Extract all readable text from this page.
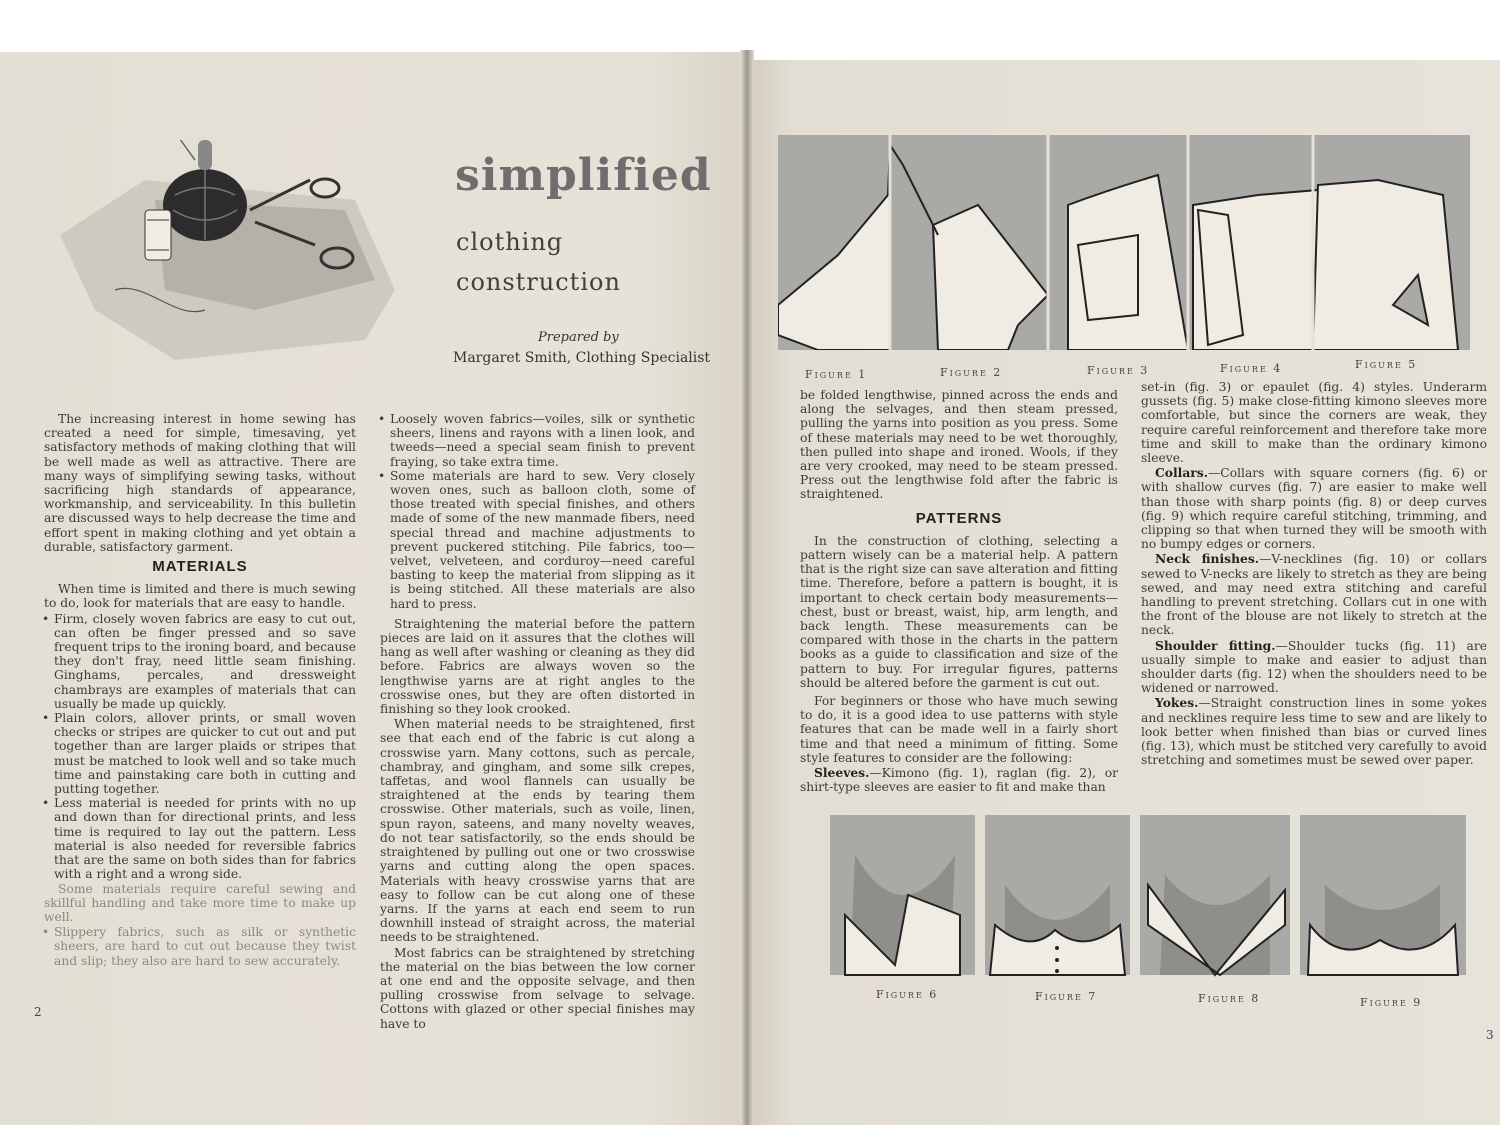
simplified
clothing
construction
Prepared by
Margaret Smith, Clothing Specialist

The increasing interest in home sewing has created a need for simple, timesaving, yet satisfactory methods of making clothing that will be well made as well as attractive. There are many ways of simplifying sewing tasks, without sacrificing high standards of appearance, workmanship, and serviceability. In this bulletin are discussed ways to help decrease the time and effort spent in making clothing and yet obtain a durable, satisfactory garment.

MATERIALS

When time is limited and there is much sewing to do, look for materials that are easy to handle.

• Firm, closely woven fabrics are easy to cut out, can often be finger pressed and so save frequent trips to the ironing board, and because they don't fray, need little seam finishing. Ginghams, percales, and dressweight chambrays are examples of materials that can usually be made up quickly.
• Plain colors, allover prints, or small woven checks or stripes are quicker to cut out and put together than are larger plaids or stripes that must be matched to look well and so take much time and painstaking care both in cutting and putting together.
• Less material is needed for prints with no up and down than for directional prints, and less time is required to lay out the pattern. Less material is also needed for reversible fabrics that are the same on both sides than for fabrics with a right and a wrong side.

Some materials require careful sewing and skillful handling and take more time to make up well.

• Slippery fabrics, such as silk or synthetic sheers, are hard to cut out because they twist and slip; they also are hard to sew accurately.
• Loosely woven fabrics—voiles, silk or synthetic sheers, linens and rayons with a linen look, and tweeds—need a special seam finish to prevent fraying, so take extra time.
• Some materials are hard to sew. Very closely woven ones, such as balloon cloth, some of those treated with special finishes, and others made of some of the new manmade fibers, need special thread and machine adjustments to prevent puckered stitching. Pile fabrics, too—velvet, velveteen, and corduroy—need careful basting to keep the material from slipping as it is being stitched. All these materials are also hard to press.

Straightening the material before the pattern pieces are laid on it assures that the clothes will hang as well after washing or cleaning as they did before. Fabrics are always woven so the lengthwise yarns are at right angles to the crosswise ones, but they are often distorted in finishing so they look crooked.

When material needs to be straightened, first see that each end of the fabric is cut along a crosswise yarn. Many cottons, such as percale, chambray, and gingham, and some silk crepes, taffetas, and wool flannels can usually be straightened at the ends by tearing them crosswise. Other materials, such as voile, linen, spun rayon, sateens, and many novelty weaves, do not tear satisfactorily, so the ends should be straightened by pulling out one or two crosswise yarns and cutting along the open spaces. Materials with heavy crosswise yarns that are easy to follow can be cut along one of these yarns. If the yarns at each end seem to run downhill instead of straight across, the material needs to be straightened.

Most fabrics can be straightened by stretching the material on the bias between the low corner at one end and the opposite selvage, and then pulling crosswise from selvage to selvage. Cottons with glazed or other special finishes may have to

2
Figure 1	Figure 2	Figure 3	Figure 4	Figure 5

be folded lengthwise, pinned across the ends and along the selvages, and then steam pressed, pulling the yarns into position as you press. Some of these materials may need to be wet thoroughly, then pulled into shape and ironed. Wools, if they are very crooked, may need to be steam pressed. Press out the lengthwise fold after the fabric is straightened.

PATTERNS

In the construction of clothing, selecting a pattern wisely can be a material help. A pattern that is the right size can save alteration and fitting time. Therefore, before a pattern is bought, it is important to check certain body measurements—chest, bust or breast, waist, hip, arm length, and back length. These measurements can be compared with those in the charts in the pattern books as a guide to classification and size of the pattern to buy. For irregular figures, patterns should be altered before the garment is cut out.

For beginners or those who have much sewing to do, it is a good idea to use patterns with style features that can be made well in a fairly short time and that need a minimum of fitting. Some style features to consider are the following:

Sleeves.—Kimono (fig. 1), raglan (fig. 2), or shirt-type sleeves are easier to fit and make than

set-in (fig. 3) or epaulet (fig. 4) styles. Underarm gussets (fig. 5) make close-fitting kimono sleeves more comfortable, but since the corners are weak, they require careful reinforcement and therefore take more time and skill to make than the ordinary kimono sleeve.

Collars.—Collars with square corners (fig. 6) or with shallow curves (fig. 7) are easier to make well than those with sharp points (fig. 8) or deep curves (fig. 9) which require careful stitching, trimming, and clipping so that when turned they will be smooth with no bumpy edges or corners.

Neck finishes.—V-necklines (fig. 10) or collars sewed to V-necks are likely to stretch as they are being sewed, and may need extra stitching and careful handling to prevent stretching. Collars cut in one with the front of the blouse are not likely to stretch at the neck.

Shoulder fitting.—Shoulder tucks (fig. 11) are usually simple to make and easier to adjust than shoulder darts (fig. 12) when the shoulders need to be widened or narrowed.

Yokes.—Straight construction lines in some yokes and necklines require less time to sew and are likely to look better when finished than bias or curved lines (fig. 13), which must be stitched very carefully to avoid stretching and sometimes must be sewed over paper.

Figure 6	Figure 7	Figure 8	Figure 9
3
